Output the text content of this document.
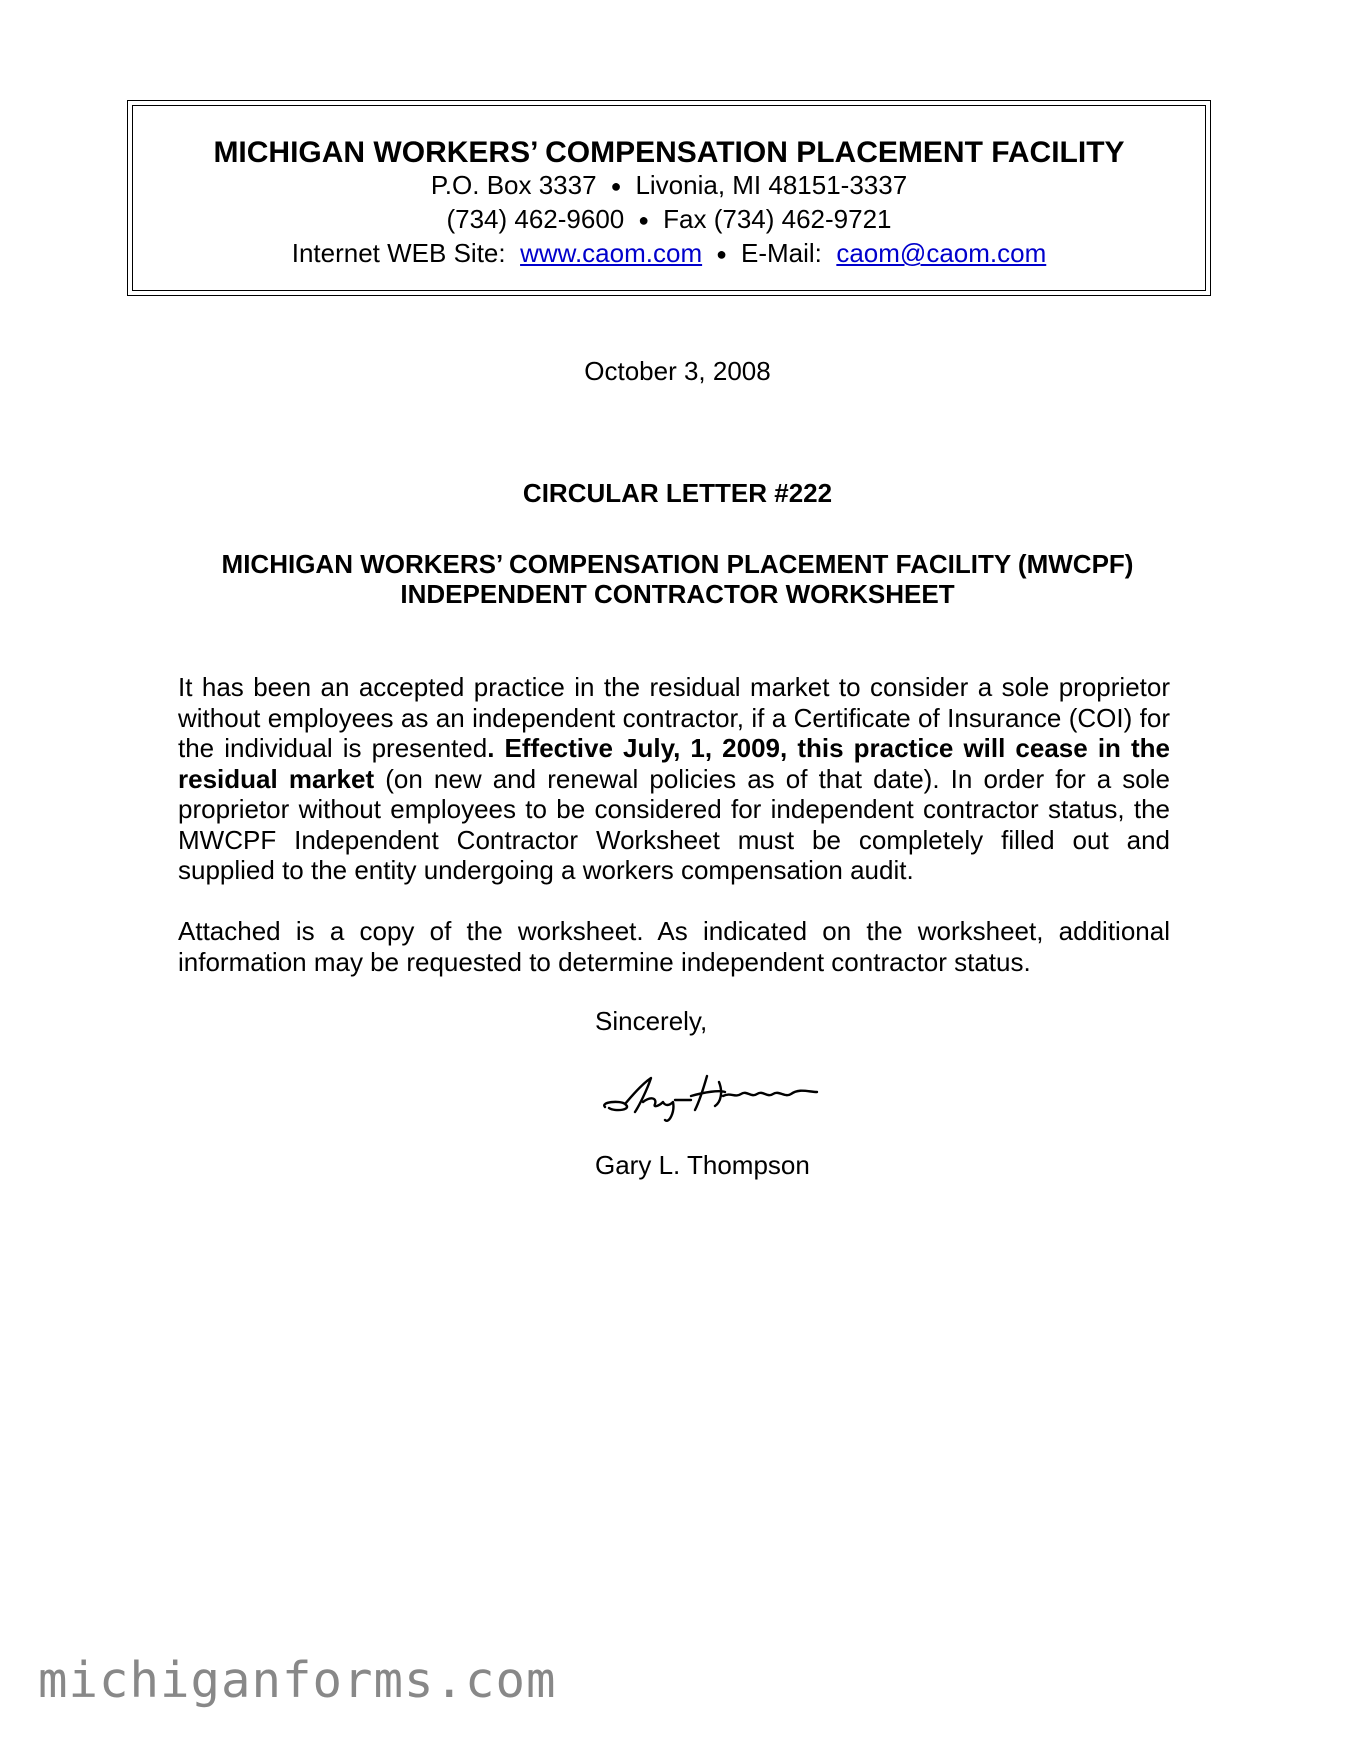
MICHIGAN WORKERS’ COMPENSATION PLACEMENT FACILITY
P.O. Box 3337 ● Livonia, MI 48151-3337
(734) 462-9600 ● Fax (734) 462-9721
Internet WEB Site: www.caom.com ● E-Mail: caom@caom.com
October 3, 2008
CIRCULAR LETTER #222
MICHIGAN WORKERS’ COMPENSATION PLACEMENT FACILITY (MWCPF)
INDEPENDENT CONTRACTOR WORKSHEET
It has been an accepted practice in the residual market to consider a sole proprietor without employees as an independent contractor, if a Certificate of Insurance (COI) for the individual is presented. Effective July, 1, 2009, this practice will cease in the residual market (on new and renewal policies as of that date). In order for a sole proprietor without employees to be considered for independent contractor status, the MWCPF Independent Contractor Worksheet must be completely filled out and supplied to the entity undergoing a workers compensation audit.
Attached is a copy of the worksheet. As indicated on the worksheet, additional information may be requested to determine independent contractor status.
Sincerely,
Gary L. Thompson
michiganforms.com
